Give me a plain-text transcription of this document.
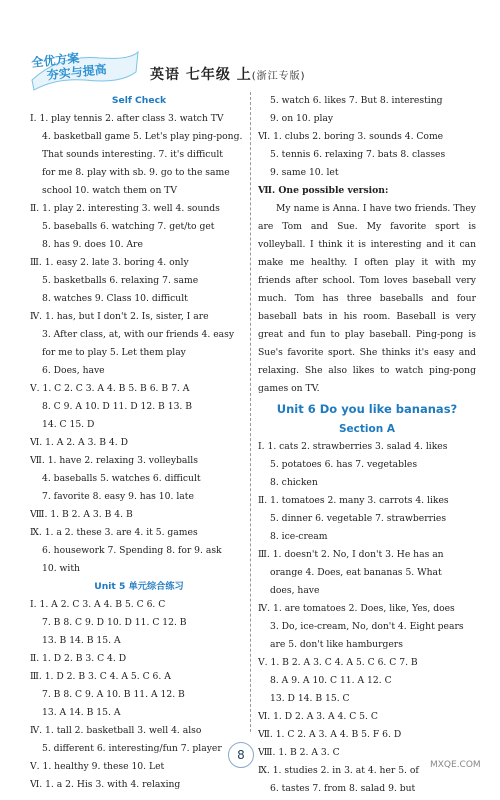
全优方案
夯实与提高	英语 七年级 上(浙江专版)
Self Check
Ⅰ. 1. play tennis 2. after class 3. watch TV
4. basketball game 5. Let's play ping-pong.
That sounds interesting. 7. it's difficult
for me 8. play with sb. 9. go to the same
school 10. watch them on TV
Ⅱ. 1. play 2. interesting 3. well 4. sounds
5. baseballs 6. watching 7. get/to get
8. has 9. does 10. Are
Ⅲ. 1. easy 2. late 3. boring 4. only
5. basketballs 6. relaxing 7. same
8. watches 9. Class 10. difficult
Ⅳ. 1. has, but I don't 2. Is, sister, I are
3. After class, at, with our friends 4. easy
for me to play 5. Let them play
6. Does, have
Ⅴ. 1. C 2. C 3. A 4. B 5. B 6. B 7. A
8. C 9. A 10. D 11. D 12. B 13. B
14. C 15. D
Ⅵ. 1. A 2. A 3. B 4. D
Ⅶ. 1. have 2. relaxing 3. volleyballs
4. baseballs 5. watches 6. difficult
7. favorite 8. easy 9. has 10. late
Ⅷ. 1. B 2. A 3. B 4. B
Ⅸ. 1. a 2. these 3. are 4. it 5. games
6. housework 7. Spending 8. for 9. ask
10. with
Unit 5 单元综合练习
Ⅰ. 1. A 2. C 3. A 4. B 5. C 6. C
7. B 8. C 9. D 10. D 11. C 12. B
13. B 14. B 15. A
Ⅱ. 1. D 2. B 3. C 4. D
Ⅲ. 1. D 2. B 3. C 4. A 5. C 6. A
7. B 8. C 9. A 10. B 11. A 12. B
13. A 14. B 15. A
Ⅳ. 1. tall 2. basketball 3. well 4. also
5. different 6. interesting/fun 7. player
Ⅴ. 1. healthy 9. these 10. Let
Ⅵ. 1. a 2. His 3. with 4. relaxing
5. watch 6. likes 7. But 8. interesting
9. on 10. play
Ⅵ. 1. clubs 2. boring 3. sounds 4. Come
5. tennis 6. relaxing 7. bats 8. classes
9. same 10. let
Ⅶ. One possible version:
My name is Anna. I have two friends. They are Tom and Sue. My favorite sport is volleyball. I think it is interesting and it can make me healthy. I often play it with my friends after school. Tom loves baseball very much. Tom has three baseballs and four baseball bats in his room. Baseball is very great and fun to play baseball. Ping-pong is Sue's favorite sport. She thinks it's easy and relaxing. She also likes to watch ping-pong games on TV.
Unit 6 Do you like bananas?
Section A
Ⅰ. 1. cats 2. strawberries 3. salad 4. likes
5. potatoes 6. has 7. vegetables
8. chicken
Ⅱ. 1. tomatoes 2. many 3. carrots 4. likes
5. dinner 6. vegetable 7. strawberries
8. ice-cream
Ⅲ. 1. doesn't 2. No, I don't 3. He has an
orange 4. Does, eat bananas 5. What
does, have
Ⅳ. 1. are tomatoes 2. Does, like, Yes, does
3. Do, ice-cream, No, don't 4. Eight pears
are 5. don't like hamburgers
Ⅴ. 1. B 2. A 3. C 4. A 5. C 6. C 7. B
8. A 9. A 10. C 11. A 12. C
13. D 14. B 15. C
Ⅵ. 1. D 2. A 3. A 4. C 5. C
Ⅶ. 1. C 2. A 3. A 4. B 5. F 6. D
Ⅷ. 1. B 2. A 3. C
Ⅸ. 1. studies 2. in 3. at 4. her 5. of
6. tastes 7. from 8. salad 9. but
8
MXQE.COM
